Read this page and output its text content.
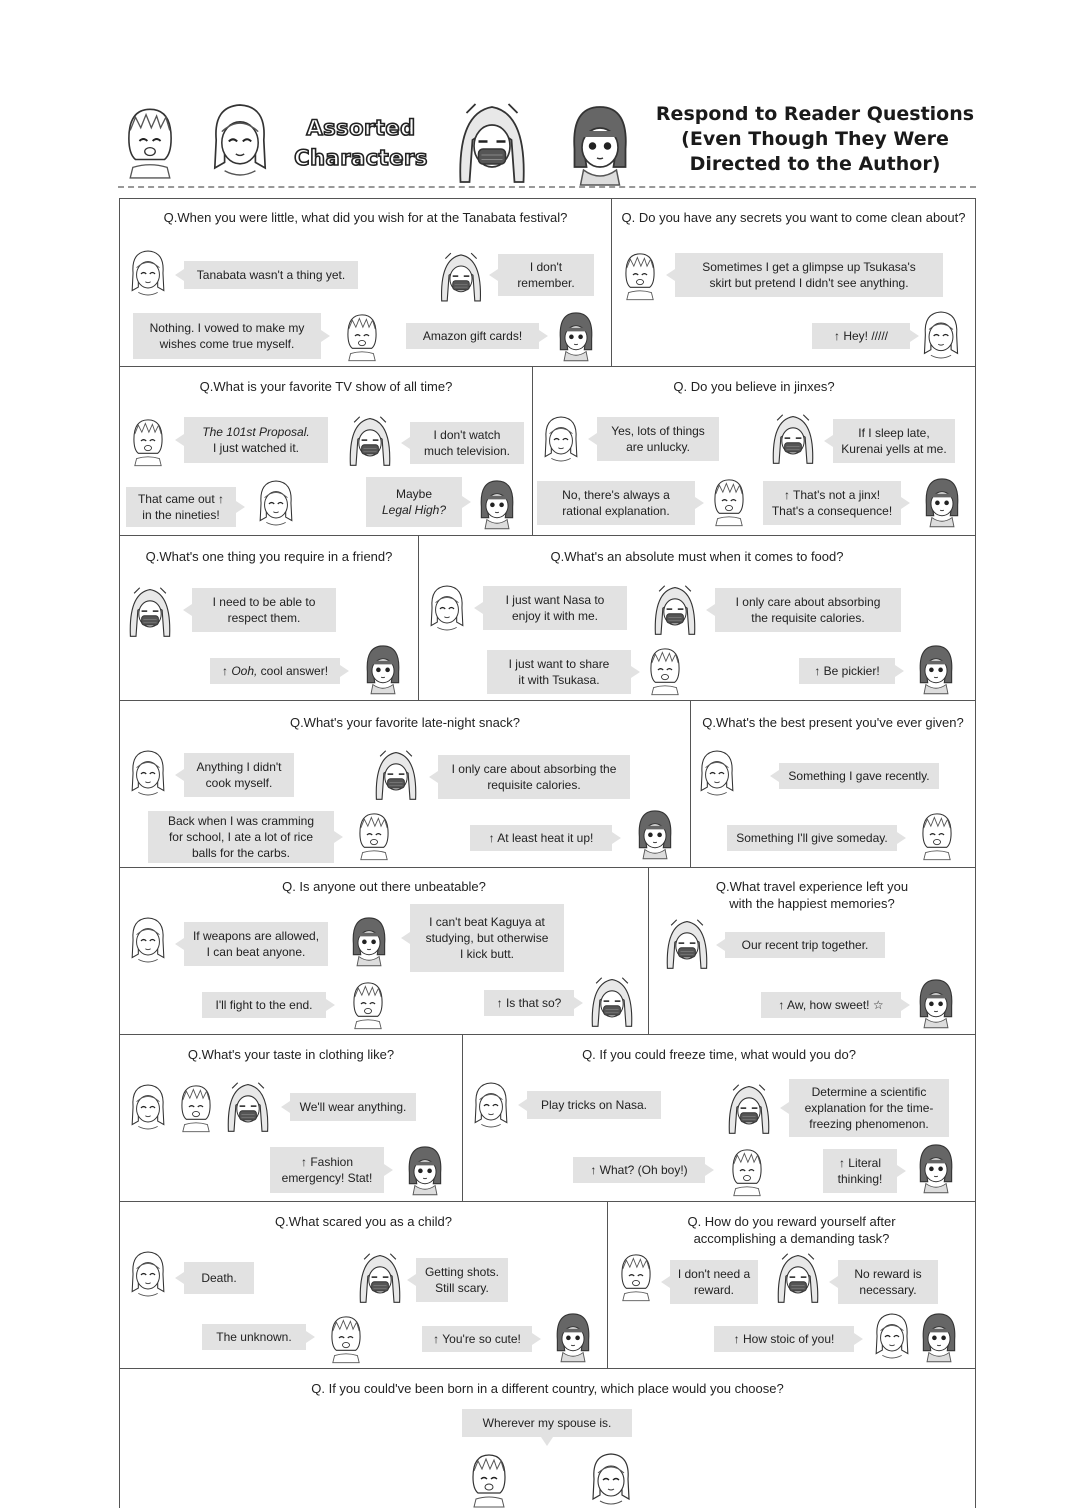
Assorted
Characters
Respond to Reader Questions
(Even Though They Were
Directed to the Author)
Q.When you were little, what did you wish for at the Tanabata festival?
Tanabata wasn't a thing yet.
I don't
remember.
Nothing. I vowed to make my
wishes come true myself.
Amazon gift cards!
Q. Do you have any secrets you want to come clean about?
Sometimes I get a glimpse up Tsukasa's
skirt but pretend I didn't see anything.
↑ Hey! /////
Q.What is your favorite TV show of all time?
The 101st Proposal.
I just watched it.
I don't watch
much television.
That came out ↑
in the nineties!
Maybe
Legal High?
Q. Do you believe in jinxes?
Yes, lots of things
are unlucky.
If I sleep late,
Kurenai yells at me.
No, there's always a
rational explanation.
↑ That's not a jinx!
That's a consequence!
Q.What's one thing you require in a friend?
I need to be able to
respect them.
↑ Ooh, cool answer!
Q.What's an absolute must when it comes to food?
I just want Nasa to
enjoy it with me.
I only care about absorbing
the requisite calories.
I just want to share
it with Tsukasa.
↑ Be pickier!
Q.What's your favorite late-night snack?
Anything I didn't
cook myself.
I only care about absorbing the
requisite calories.
Back when I was cramming
for school, I ate a lot of rice
balls for the carbs.
↑ At least heat it up!
Q.What's the best present you've ever given?
Something I gave recently.
Something I'll give someday.
Q. Is anyone out there unbeatable?
If weapons are allowed,
I can beat anyone.
I can't beat Kaguya at
studying, but otherwise
I kick butt.
I'll fight to the end.	↑ Is that so?
Q.What travel experience left you
with the happiest memories?
Our recent trip together.
↑ Aw, how sweet! ☆
Q.What's your taste in clothing like?
We'll wear anything.
↑ Fashion
emergency! Stat!
Q. If you could freeze time, what would you do?
Play tricks on Nasa.
Determine a scientific
explanation for the time-
freezing phenomenon.
↑ What? (Oh boy!)	↑ Literal
thinking!
Q.What scared you as a child?
Death.	Getting shots.
Still scary.
The unknown.	↑ You're so cute!
Q. How do you reward yourself after
accomplishing a demanding task?
I don't need a
reward.
No reward is
necessary.
↑ How stoic of you!
Q. If you could've been born in a different country, which place would you choose?
Wherever my spouse is.
